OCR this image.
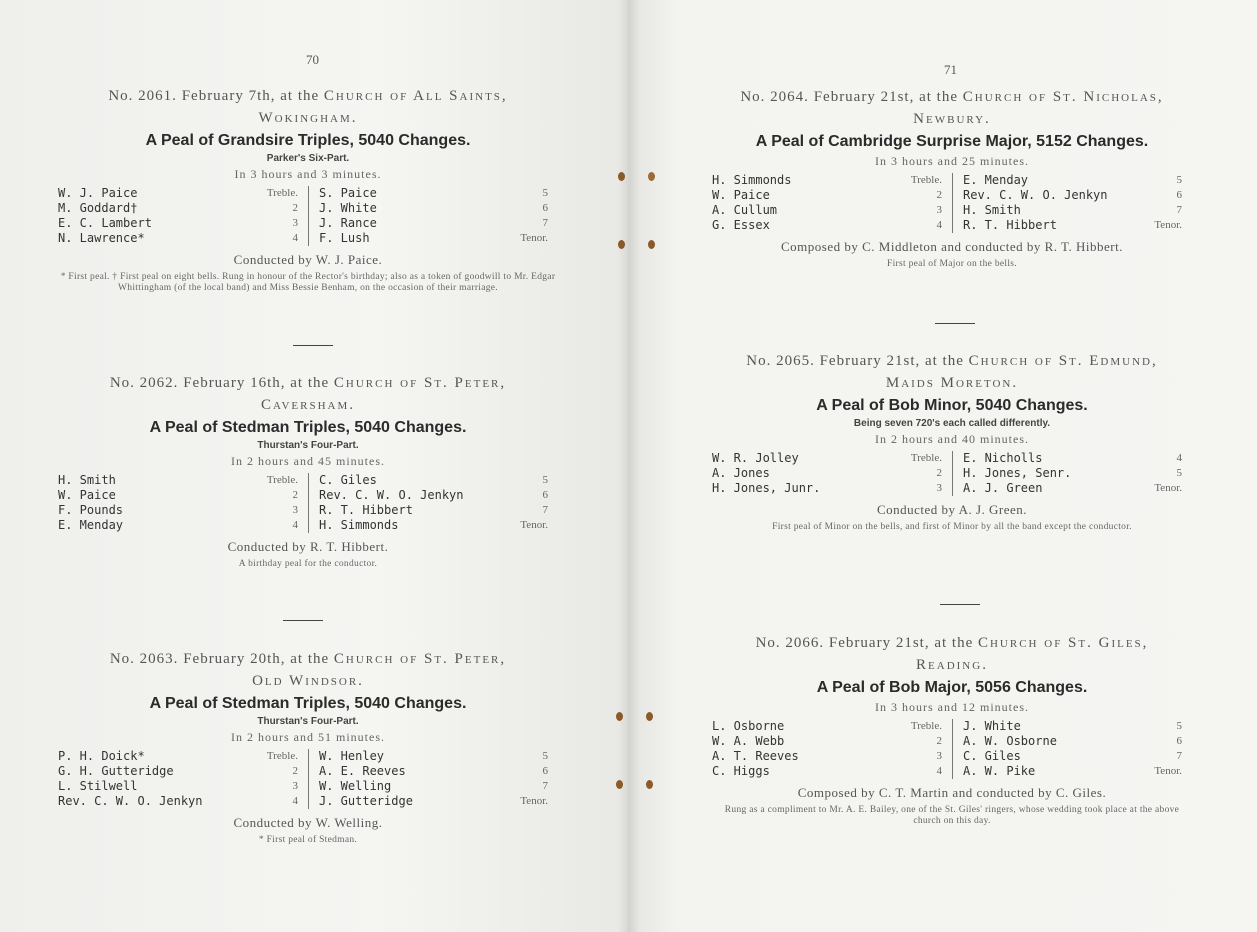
70
71
No. 2061. February 7th, at the Church of All Saints,
Wokingham.
A Peal of Grandsire Triples, 5040 Changes.
Parker's Six-Part.
In 3 hours and 3 minutes.
W. J. Paice	Treble.
M. Goddard†	2
E. C. Lambert	3
N. Lawrence*	4
S. Paice	5
J. White	6
J. Rance	7
F. Lush	Tenor.
Conducted by W. J. Paice.
* First peal. † First peal on eight bells. Rung in honour of the Rector's birthday; also as a token of goodwill to Mr. Edgar Whittingham (of the local band) and Miss Bessie Benham, on the occasion of their marriage.
No. 2062. February 16th, at the Church of St. Peter,
Caversham.
A Peal of Stedman Triples, 5040 Changes.
Thurstan's Four-Part.
In 2 hours and 45 minutes.
H. Smith	Treble.
W. Paice	2
F. Pounds	3
E. Menday	4
C. Giles	5
Rev. C. W. O. Jenkyn	6
R. T. Hibbert	7
H. Simmonds	Tenor.
Conducted by R. T. Hibbert.
A birthday peal for the conductor.
No. 2063. February 20th, at the Church of St. Peter,
Old Windsor.
A Peal of Stedman Triples, 5040 Changes.
Thurstan's Four-Part.
In 2 hours and 51 minutes.
P. H. Doick*	Treble.
G. H. Gutteridge	2
L. Stilwell	3
Rev. C. W. O. Jenkyn	4
W. Henley	5
A. E. Reeves	6
W. Welling	7
J. Gutteridge	Tenor.
Conducted by W. Welling.
* First peal of Stedman.
No. 2064. February 21st, at the Church of St. Nicholas,
Newbury.
A Peal of Cambridge Surprise Major, 5152 Changes.
In 3 hours and 25 minutes.
H. Simmonds	Treble.
W. Paice	2
A. Cullum	3
G. Essex	4
E. Menday	5
Rev. C. W. O. Jenkyn	6
H. Smith	7
R. T. Hibbert	Tenor.
Composed by C. Middleton and conducted by R. T. Hibbert.
First peal of Major on the bells.
No. 2065. February 21st, at the Church of St. Edmund,
Maids Moreton.
A Peal of Bob Minor, 5040 Changes.
Being seven 720's each called differently.
In 2 hours and 40 minutes.
W. R. Jolley	Treble.
A. Jones	2
H. Jones, Junr.	3
E. Nicholls	4
H. Jones, Senr.	5
A. J. Green	Tenor.
Conducted by A. J. Green.
First peal of Minor on the bells, and first of Minor by all the band except the conductor.
No. 2066. February 21st, at the Church of St. Giles,
Reading.
A Peal of Bob Major, 5056 Changes.
In 3 hours and 12 minutes.
L. Osborne	Treble.
W. A. Webb	2
A. T. Reeves	3
C. Higgs	4
J. White	5
A. W. Osborne	6
C. Giles	7
A. W. Pike	Tenor.
Composed by C. T. Martin and conducted by C. Giles.
Rung as a compliment to Mr. A. E. Bailey, one of the St. Giles' ringers, whose wedding took place at the above church on this day.
